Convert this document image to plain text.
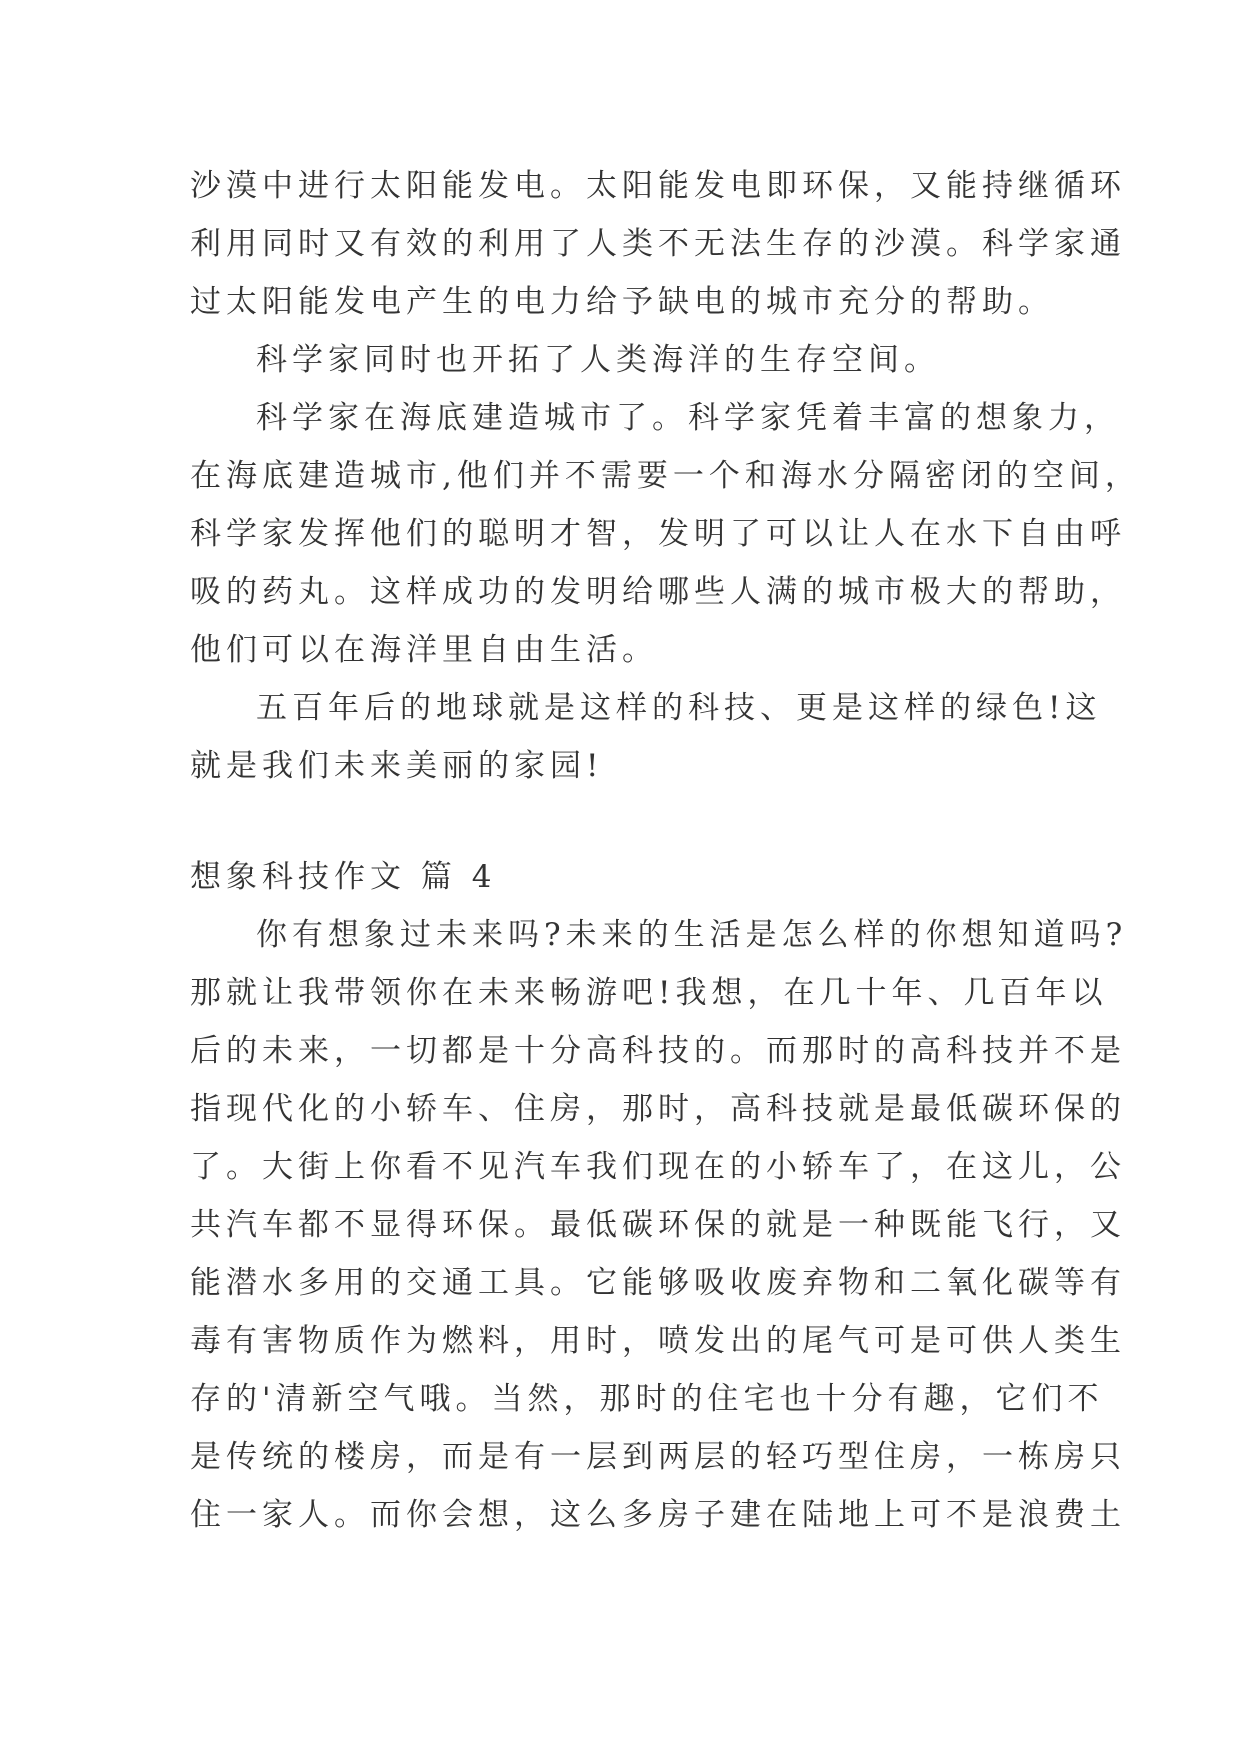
沙漠中进行太阳能发电。太阳能发电即环保，又能持继循环

利用同时又有效的利用了人类不无法生存的沙漠。科学家通

过太阳能发电产生的电力给予缺电的城市充分的帮助。

科学家同时也开拓了人类海洋的生存空间。

科学家在海底建造城市了。科学家凭着丰富的想象力，

在海底建造城市,他们并不需要一个和海水分隔密闭的空间，

科学家发挥他们的聪明才智，发明了可以让人在水下自由呼

吸的药丸。这样成功的发明给哪些人满的城市极大的帮助，

他们可以在海洋里自由生活。

五百年后的地球就是这样的科技、更是这样的绿色!这

就是我们未来美丽的家园!

想象科技作文 篇 4

你有想象过未来吗?未来的生活是怎么样的你想知道吗?

那就让我带领你在未来畅游吧!我想，在几十年、几百年以

后的未来，一切都是十分高科技的。而那时的高科技并不是

指现代化的小轿车、住房，那时，高科技就是最低碳环保的

了。大街上你看不见汽车我们现在的小轿车了，在这儿，公

共汽车都不显得环保。最低碳环保的就是一种既能飞行，又

能潜水多用的交通工具。它能够吸收废弃物和二氧化碳等有

毒有害物质作为燃料，用时，喷发出的尾气可是可供人类生

存的'清新空气哦。当然，那时的住宅也十分有趣，它们不

是传统的楼房，而是有一层到两层的轻巧型住房，一栋房只

住一家人。而你会想，这么多房子建在陆地上可不是浪费土
